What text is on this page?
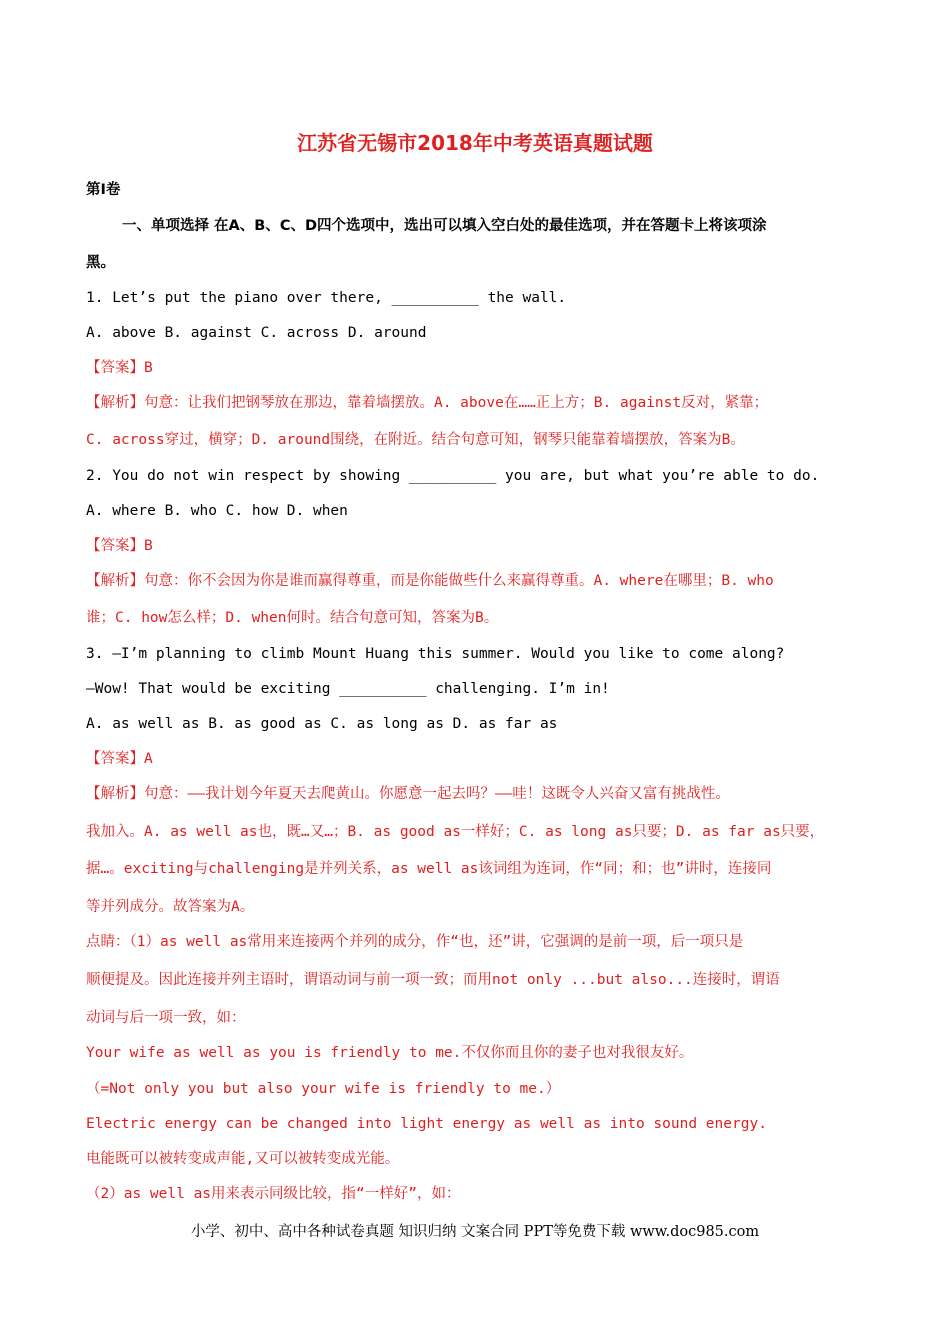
江苏省无锡市2018年中考英语真题试题
第Ⅰ卷
一、单项选择 在A、B、C、D四个选项中，选出可以填入空白处的最佳选项，并在答题卡上将该项涂
黑。
1. Let’s put the piano over there, __________ the wall.
A. above B. against C. across D. around
【答案】B
【解析】句意：让我们把钢琴放在那边，靠着墙摆放。A. above在……正上方；B. against反对，紧靠；
C. across穿过，横穿；D. around围绕，在附近。结合句意可知，钢琴只能靠着墙摆放，答案为B。
2. You do not win respect by showing __________ you are, but what you’re able to do.
A. where B. who C. how D. when
【答案】B
【解析】句意：你不会因为你是谁而赢得尊重，而是你能做些什么来赢得尊重。A. where在哪里；B. who
谁；C. how怎么样；D. when何时。结合句意可知，答案为B。
3. —I’m planning to climb Mount Huang this summer. Would you like to come along?
—Wow! That would be exciting __________ challenging. I’m in!
A. as well as B. as good as C. as long as D. as far as
【答案】A
【解析】句意：——我计划今年夏天去爬黄山。你愿意一起去吗？——哇！这既令人兴奋又富有挑战性。
我加入。A. as well as也，既…又…；B. as good as一样好；C. as long as只要；D. as far as只要，
据…。exciting与challenging是并列关系，as well as该词组为连词，作“同；和；也”讲时，连接同
等并列成分。故答案为A。
点睛：（1）as well as常用来连接两个并列的成分，作“也，还”讲，它强调的是前一项，后一项只是
顺便提及。因此连接并列主语时，谓语动词与前一项一致；而用not only ...but also...连接时，谓语
动词与后一项一致，如：
Your wife as well as you is friendly to me.不仅你而且你的妻子也对我很友好。
（=Not only you but also your wife is friendly to me.）
Electric energy can be changed into light energy as well as into sound energy.
电能既可以被转变成声能,又可以被转变成光能。
（2）as well as用来表示同级比较，指“一样好”，如：
小学、初中、高中各种试卷真题 知识归纳 文案合同 PPT等免费下载 www.doc985.com
